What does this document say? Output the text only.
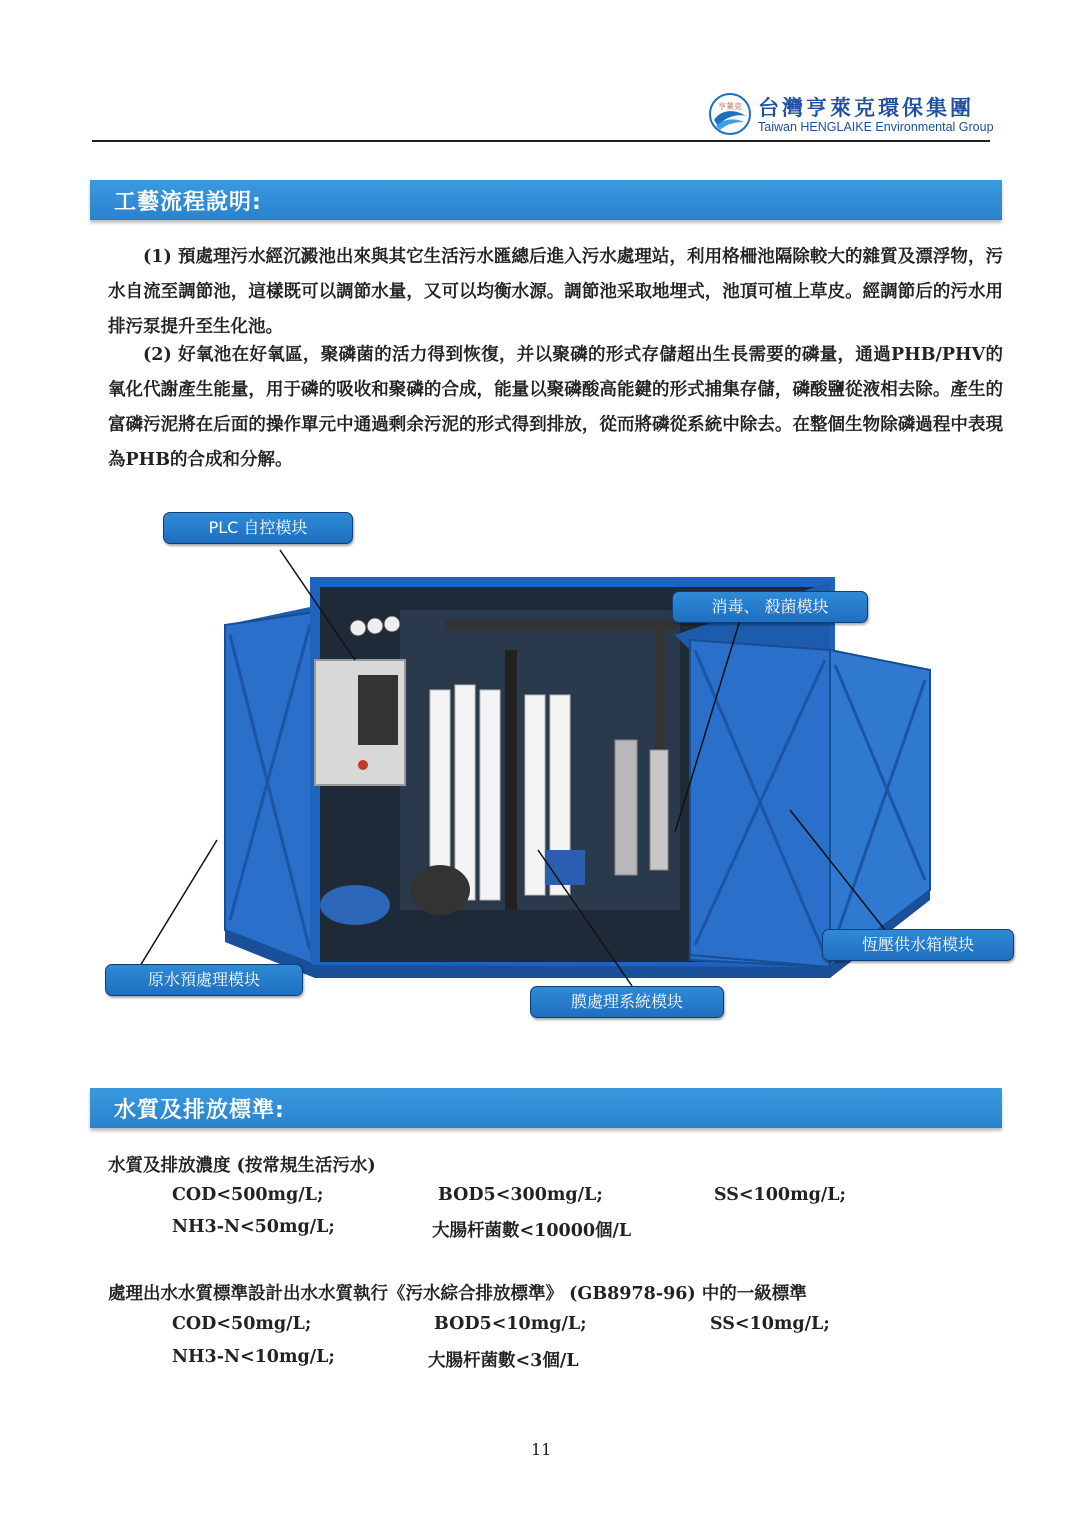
亨萊克 台灣亨萊克環保集團
Taiwan HENGLAIKE Environmental Group
工藝流程說明:
(1) 預處理污水經沉澱池出來與其它生活污水匯總后進入污水處理站，利用格柵池隔除較大的雜質及漂浮物，污水自流至調節池，這樣既可以調節水量，又可以均衡水源。調節池采取地埋式，池頂可植上草皮。經調節后的污水用排污泵提升至生化池。
(2) 好氧池在好氧區，聚磷菌的活力得到恢復，并以聚磷的形式存儲超出生長需要的磷量，通過PHB/PHV的氧化代謝產生能量，用于磷的吸收和聚磷的合成，能量以聚磷酸高能鍵的形式捕集存儲，磷酸鹽從液相去除。產生的富磷污泥將在后面的操作單元中通過剩余污泥的形式得到排放，從而將磷從系統中除去。在整個生物除磷過程中表現為PHB的合成和分解。
PLC 自控模块
消毒、 殺菌模块
原水預處理模块
膜處理系統模块
恆壓供水箱模块
水質及排放標準:
水質及排放濃度 (按常規生活污水)
COD<500mg/L;	BOD5<300mg/L;	SS<100mg/L;
NH3-N<50mg/L;	大腸杆菌數<10000個/L
處理出水水質標準設計出水水質執行《污水綜合排放標準》 (GB8978-96) 中的一級標準
COD<50mg/L;	BOD5<10mg/L;	SS<10mg/L;
NH3-N<10mg/L;	大腸杆菌數<3個/L
11
